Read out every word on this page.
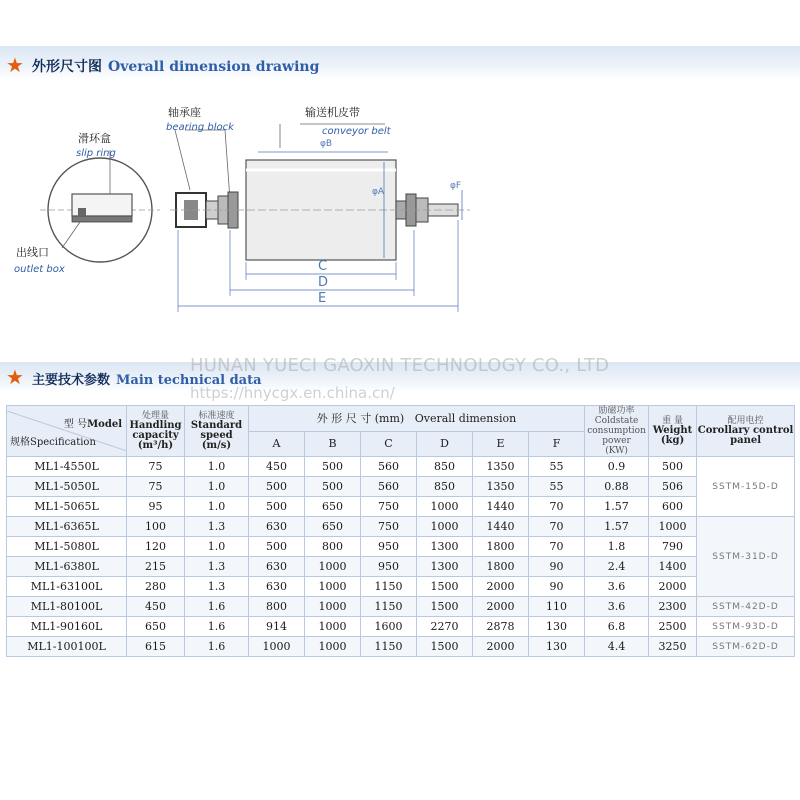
★ 外形尺寸图 Overall dimension drawing
滑环盒
slip ring
出线口
outlet box
轴承座
bearing block
输送机皮带
conveyor belt
φB
φA
φF
C
D
E
★ 主要技术参数 Main technical data
HUNAN YUECI GAOXIN TECHNOLOGY CO., LTD
https://hnycgx.en.china.cn/
型 号Model
规格Specification	处理量
Handling capacity
(m³/h)	标准速度
Standard speed
(m/s)	外 形 尺 寸 (mm) Overall dimension						励磁功率
Coldstate consumption power
(KW)	重 量
Weight
(kg)	配用电控
Corollary control panel

			A	B	C	D	E	F			
ML1-4550L	75	1.0	450	500	560	850	1350	55	0.9	500	SSTM-15D-D
ML1-5050L	75	1.0	500	500	560	850	1350	55	0.88	506	
ML1-5065L	95	1.0	500	650	750	1000	1440	70	1.57	600	
ML1-6365L	100	1.3	630	650	750	1000	1440	70	1.57	1000	SSTM-31D-D
ML1-5080L	120	1.0	500	800	950	1300	1800	70	1.8	790	
ML1-6380L	215	1.3	630	1000	950	1300	1800	90	2.4	1400	
ML1-63100L	280	1.3	630	1000	1150	1500	2000	90	3.6	2000	
ML1-80100L	450	1.6	800	1000	1150	1500	2000	110	3.6	2300	SSTM-42D-D
ML1-90160L	650	1.6	914	1000	1600	2270	2878	130	6.8	2500	SSTM-93D-D
ML1-100100L	615	1.6	1000	1000	1150	1500	2000	130	4.4	3250	SSTM-62D-D
